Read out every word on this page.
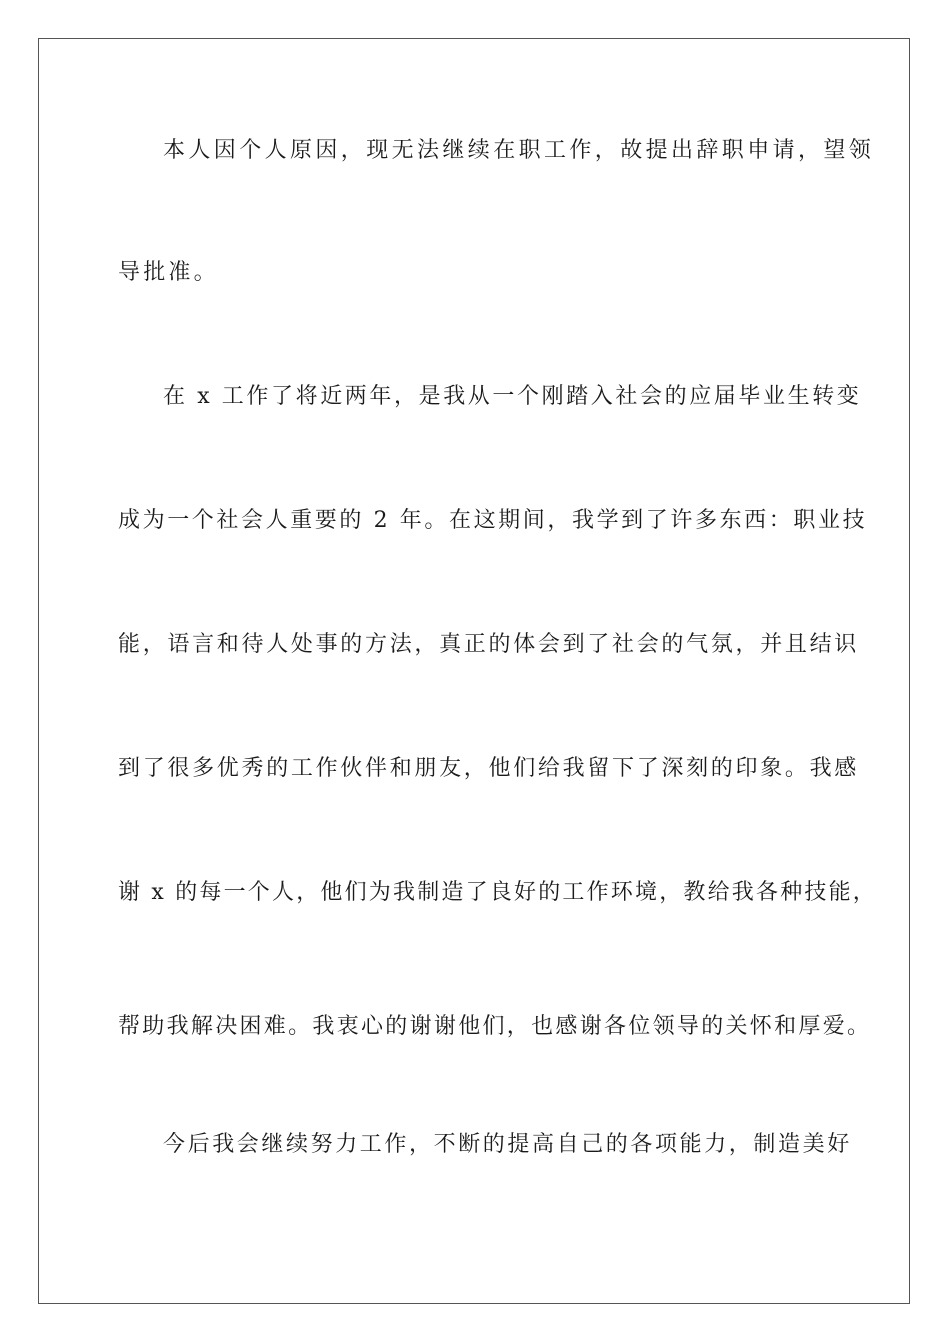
本人因个人原因，现无法继续在职工作，故提出辞职申请，望领
导批准。
在 x 工作了将近两年，是我从一个刚踏入社会的应届毕业生转变
成为一个社会人重要的 2 年。在这期间，我学到了许多东西：职业技
能，语言和待人处事的方法，真正的体会到了社会的气氛，并且结识
到了很多优秀的工作伙伴和朋友，他们给我留下了深刻的印象。我感
谢 x 的每一个人，他们为我制造了良好的工作环境，教给我各种技能，
帮助我解决困难。我衷心的谢谢他们，也感谢各位领导的关怀和厚爱。
今后我会继续努力工作，不断的提高自己的各项能力，制造美好
